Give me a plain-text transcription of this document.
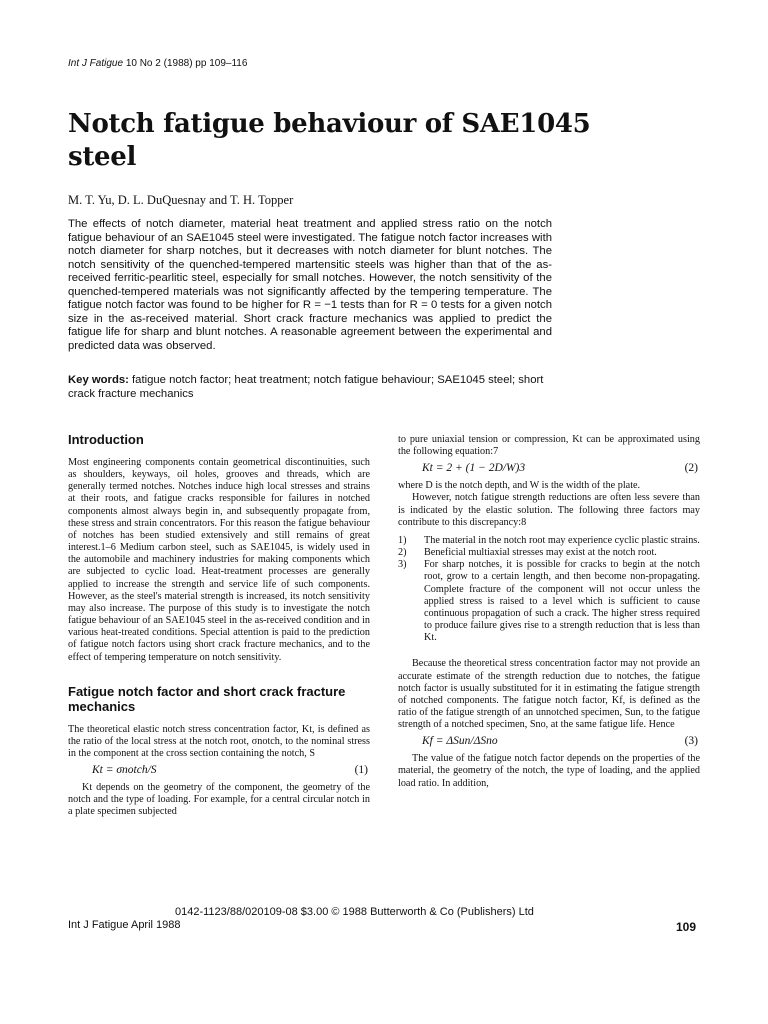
Int J Fatigue 10 No 2 (1988) pp 109–116
Notch fatigue behaviour of SAE1045 steel
M. T. Yu, D. L. DuQuesnay and T. H. Topper
The effects of notch diameter, material heat treatment and applied stress ratio on the notch fatigue behaviour of an SAE1045 steel were investigated. The fatigue notch factor increases with notch diameter for sharp notches, but it decreases with notch diameter for blunt notches. The notch sensitivity of the quenched-tempered martensitic steels was higher than that of the as-received ferritic-pearlitic steel, especially for small notches. However, the notch sensitivity of the quenched-tempered materials was not significantly affected by the tempering temperature. The fatigue notch factor was found to be higher for R = −1 tests than for R = 0 tests for a given notch size in the as-received material. Short crack fracture mechanics was applied to predict the fatigue life for sharp and blunt notches. A reasonable agreement between the experimental and predicted data was observed.
Key words: fatigue notch factor; heat treatment; notch fatigue behaviour; SAE1045 steel; short crack fracture mechanics
Introduction

Most engineering components contain geometrical discontinuities, such as shoulders, keyways, oil holes, grooves and threads, which are generally termed notches. Notches induce high local stresses and strains at their roots, and fatigue cracks responsible for failures in notched components almost always begin in, and subsequently propagate from, these stress and strain concentrators. For this reason the fatigue behaviour of notches has been studied extensively and still remains of great interest.1–6 Medium carbon steel, such as SAE1045, is widely used in the automobile and machinery industries for making components which are subjected to cyclic load. Heat-treatment processes are generally applied to increase the strength and service life of such components. However, as the steel's material strength is increased, its notch sensitivity may also increase. The purpose of this study is to investigate the notch fatigue behaviour of an SAE1045 steel in the as-received condition and in various heat-treated conditions. Special attention is paid to the prediction of fatigue notch factors using short crack fracture mechanics, and to the effect of tempering temperature on notch sensitivity.

Fatigue notch factor and short crack fracture mechanics

The theoretical elastic notch stress concentration factor, Kt, is defined as the ratio of the local stress at the notch root, σnotch, to the nominal stress in the component at the cross section containing the notch, S

Kt = σnotch/S	(1)

Kt depends on the geometry of the component, the geometry of the notch and the type of loading. For example, for a central circular notch in a plate specimen subjected

to pure uniaxial tension or compression, Kt can be approximated using the following equation:7

Kt = 2 + (1 − 2D/W)3	(2)

where D is the notch depth, and W is the width of the plate.

However, notch fatigue strength reductions are often less severe than is indicated by the elastic solution. The following three factors may contribute to this discrepancy:8

1) The material in the notch root may experience cyclic plastic strains.
2) Beneficial multiaxial stresses may exist at the notch root.
3) For sharp notches, it is possible for cracks to begin at the notch root, grow to a certain length, and then become non-propagating. Complete fracture of the component will not occur unless the applied stress is raised to a level which is sufficient to cause continuous propagation of such a crack. The higher stress required to produce failure gives rise to a strength reduction that is less than Kt.

Because the theoretical stress concentration factor may not provide an accurate estimate of the strength reduction due to notches, the fatigue notch factor is usually substituted for it in estimating the fatigue strength of notched components. The fatigue notch factor, Kf, is defined as the ratio of the fatigue strength of an unnotched specimen, Sun, to the fatigue strength of a notched specimen, Sno, at the same fatigue life. Hence

Kf = ΔSun/ΔSno	(3)

The value of the fatigue notch factor depends on the properties of the material, the geometry of the notch, the type of loading, and the applied load ratio. In addition,

0142-1123/88/020109-08 $3.00 © 1988 Butterworth & Co (Publishers) Ltd
Int J Fatigue April 1988	109
